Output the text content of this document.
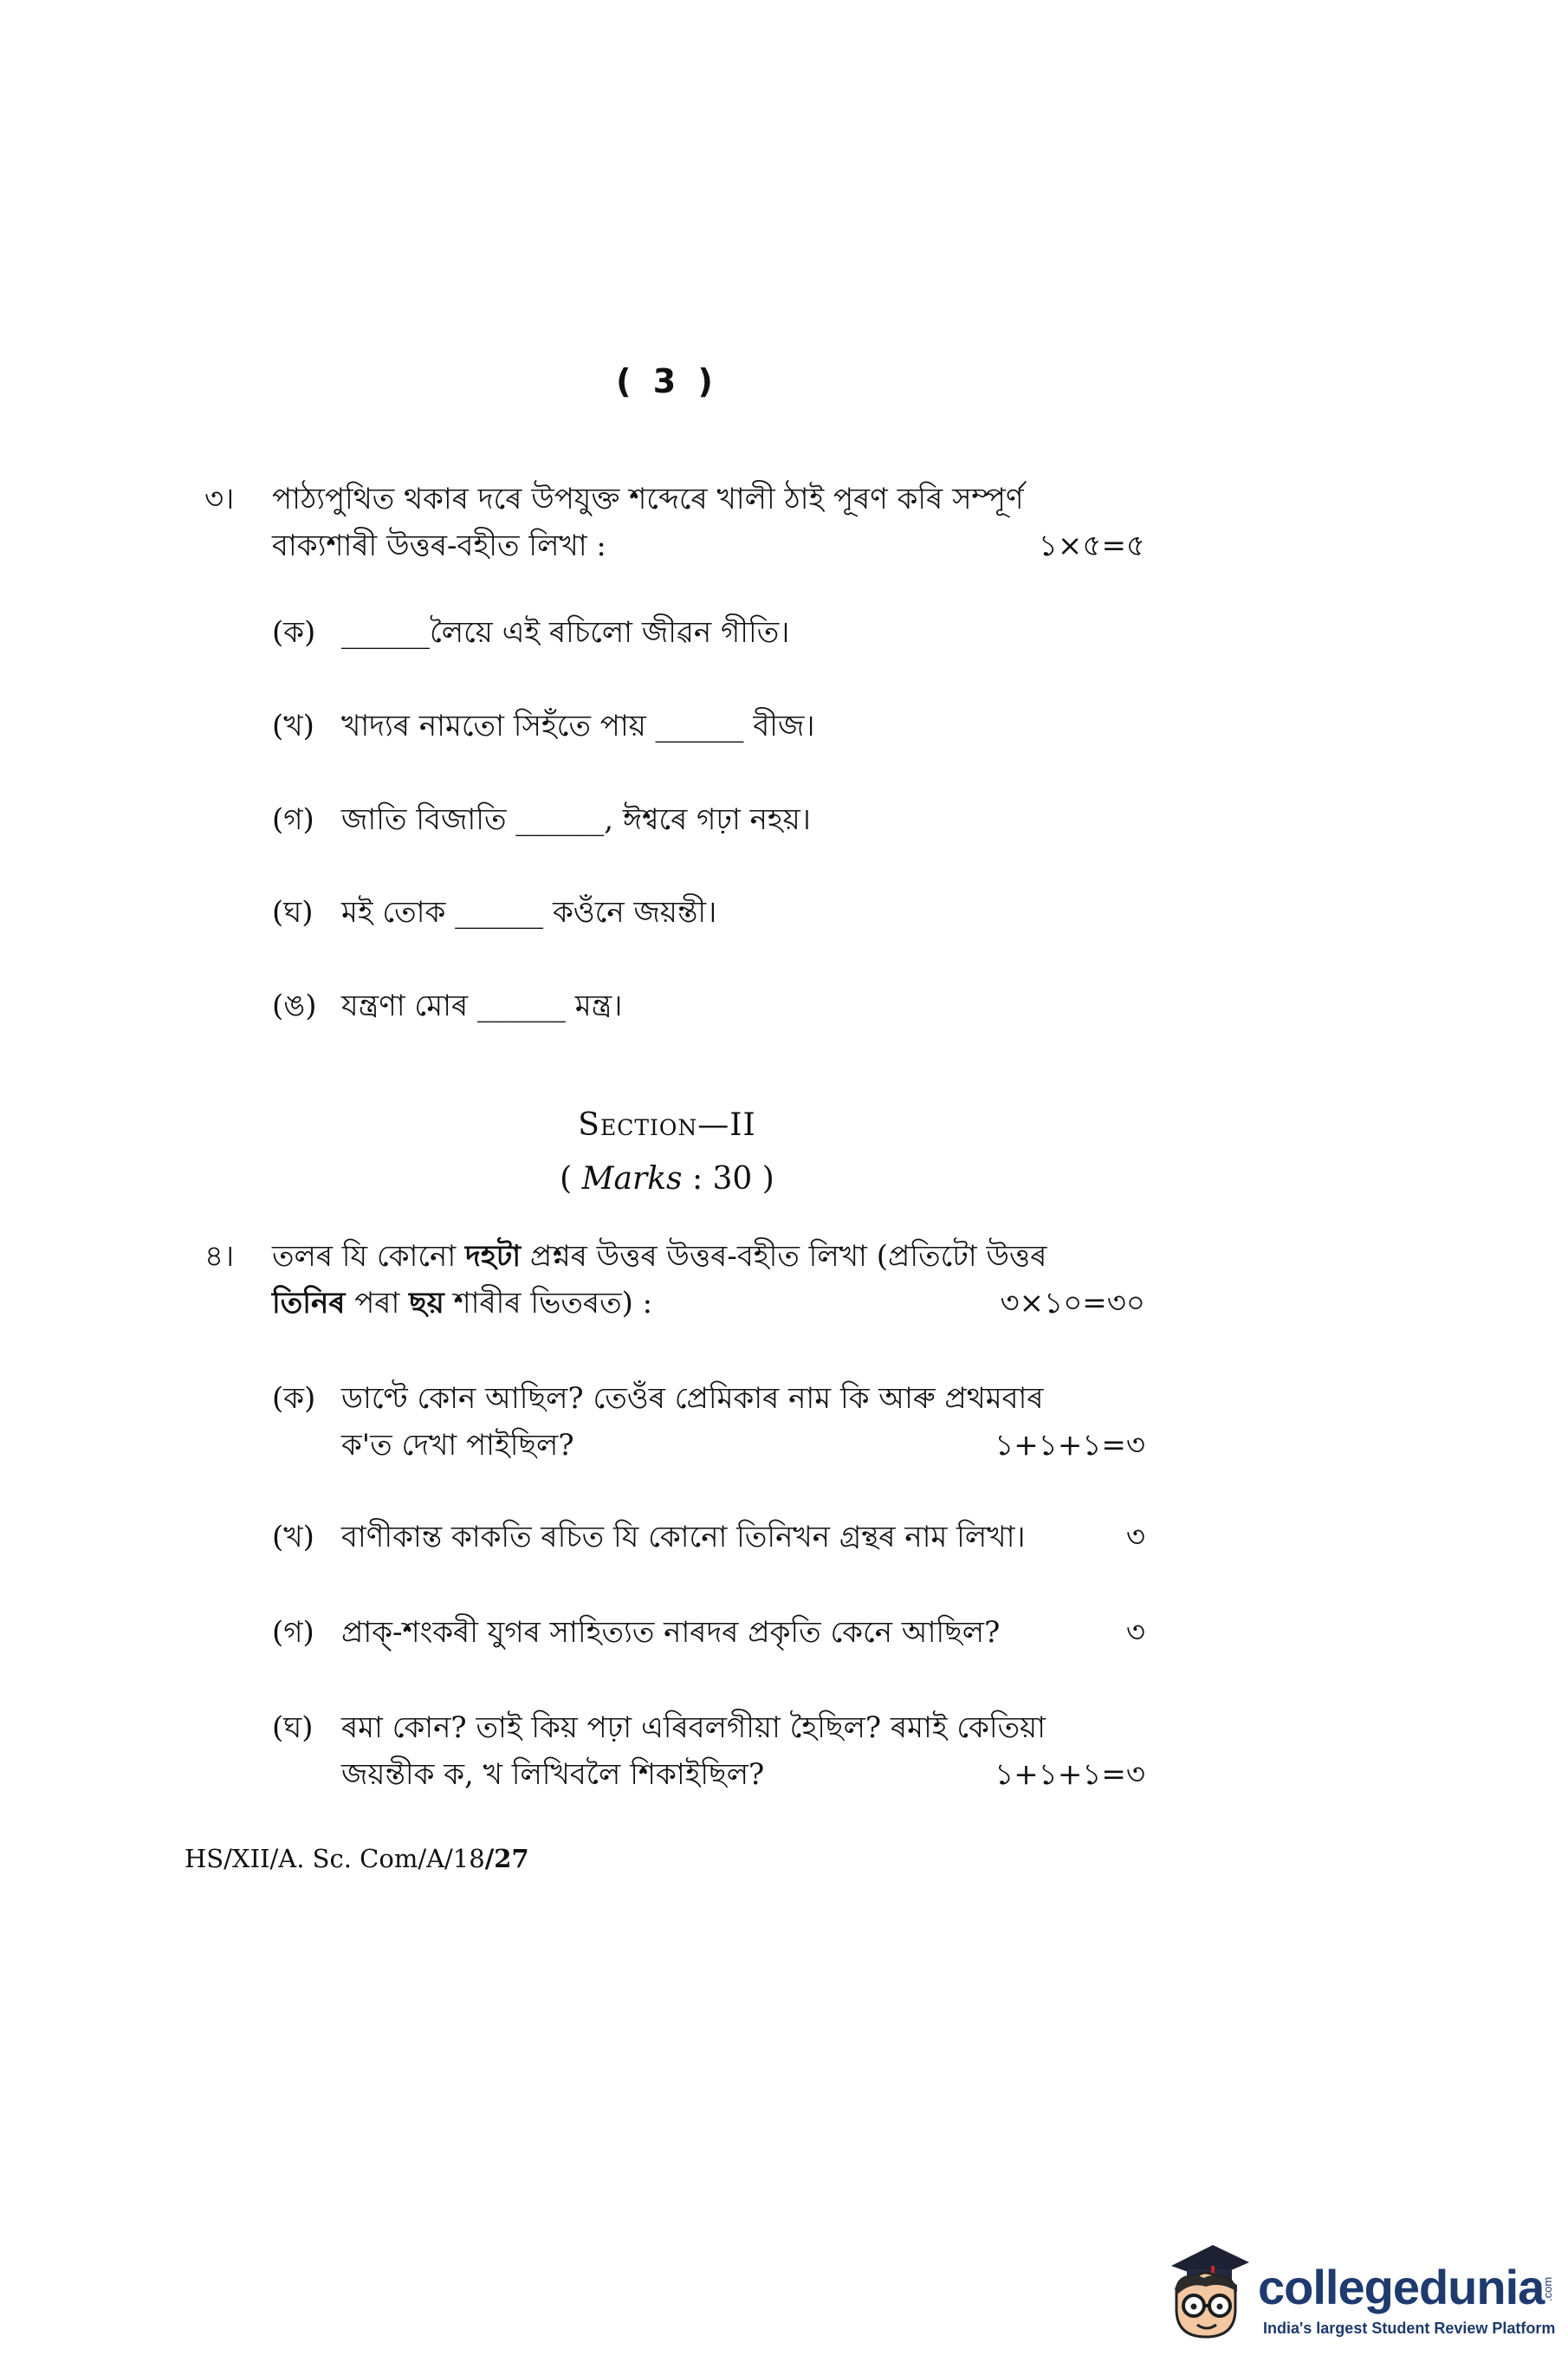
( 3 )
৩।	পাঠ্যপুথিত থকাৰ দৰে উপযুক্ত শব্দেৰে খালী ঠাই পূৰণ কৰি সম্পূৰ্ণ
বাক্যশাৰী উত্তৰ-বহীত লিখা :	১×৫=৫
(ক) ______লৈয়ে এই ৰচিলো জীৱন গীতি।
(খ) খাদ্যৰ নামতো সিহঁতে পায় ______ বীজ।
(গ) জাতি বিজাতি ______, ঈশ্বৰে গঢ়া নহয়।
(ঘ) মই তোক ______ কওঁনে জয়ন্তী।
(ঙ) যন্ত্ৰণা মোৰ ______ মন্ত্ৰ।
Section—II
( Marks : 30 )
৪।	তলৰ যি কোনো দহটা প্ৰশ্নৰ উত্তৰ উত্তৰ-বহীত লিখা (প্ৰতিটো উত্তৰ
তিনিৰ পৰা ছয় শাৰীৰ ভিতৰত) :	৩×১০=৩০
(ক) ডাণ্টে কোন আছিল? তেওঁৰ প্ৰেমিকাৰ নাম কি আৰু প্ৰথমবাৰ
ক'ত দেখা পাইছিল?	১+১+১=৩
(খ) বাণীকান্ত কাকতি ৰচিত যি কোনো তিনিখন গ্ৰন্থৰ নাম লিখা।	৩
(গ) প্ৰাক্-শংকৰী যুগৰ সাহিত্যত নাৰদৰ প্ৰকৃতি কেনে আছিল?	৩
(ঘ) ৰমা কোন? তাই কিয় পঢ়া এৰিবলগীয়া হৈছিল? ৰমাই কেতিয়া
জয়ন্তীক ক, খ লিখিবলৈ শিকাইছিল?	১+১+১=৩
HS/XII/A. Sc. Com/A/18/27
collegedunia.com
India's largest Student Review Platform
